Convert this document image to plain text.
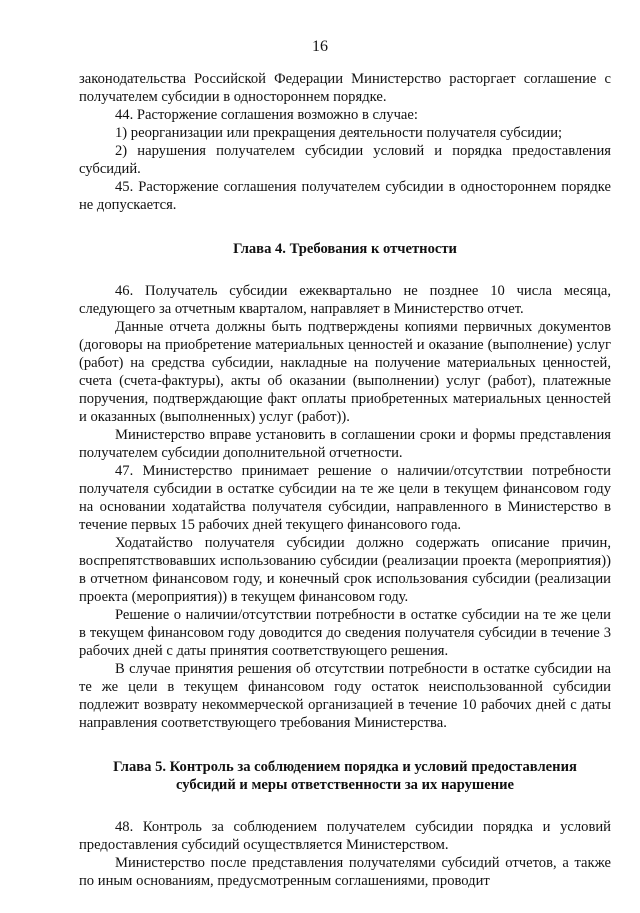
16

законодательства Российской Федерации Министерство расторгает соглашение с получателем субсидии в одностороннем порядке.

44. Расторжение соглашения возможно в случае:

1) реорганизации или прекращения деятельности получателя субсидии;

2) нарушения получателем субсидии условий и порядка предоставления субсидий.

45. Расторжение соглашения получателем субсидии в одностороннем порядке не допускается.

Глава 4. Требования к отчетности

46. Получатель субсидии ежеквартально не позднее 10 числа месяца, следующего за отчетным кварталом, направляет в Министерство отчет.

Данные отчета должны быть подтверждены копиями первичных документов (договоры на приобретение материальных ценностей и оказание (выполнение) услуг (работ) на средства субсидии, накладные на получение материальных ценностей, счета (счета-фактуры), акты об оказании (выполнении) услуг (работ), платежные поручения, подтверждающие факт оплаты приобретенных материальных ценностей и оказанных (выполненных) услуг (работ)).

Министерство вправе установить в соглашении сроки и формы представления получателем субсидии дополнительной отчетности.

47. Министерство принимает решение о наличии/отсутствии потребности получателя субсидии в остатке субсидии на те же цели в текущем финансовом году на основании ходатайства получателя субсидии, направленного в Министерство в течение первых 15 рабочих дней текущего финансового года.

Ходатайство получателя субсидии должно содержать описание причин, воспрепятствовавших использованию субсидии (реализации проекта (мероприятия)) в отчетном финансовом году, и конечный срок использования субсидии (реализации проекта (мероприятия)) в текущем финансовом году.

Решение о наличии/отсутствии потребности в остатке субсидии на те же цели в текущем финансовом году доводится до сведения получателя субсидии в течение 3 рабочих дней с даты принятия соответствующего решения.

В случае принятия решения об отсутствии потребности в остатке субсидии на те же цели в текущем финансовом году остаток неиспользованной субсидии подлежит возврату некоммерческой организацией в течение 10 рабочих дней с даты направления соответствующего требования Министерства.

Глава 5. Контроль за соблюдением порядка и условий предоставления
субсидий и меры ответственности за их нарушение

48. Контроль за соблюдением получателем субсидии порядка и условий предоставления субсидий осуществляется Министерством.

Министерство после представления получателями субсидий отчетов, а также по иным основаниям, предусмотренным соглашениями, проводит
